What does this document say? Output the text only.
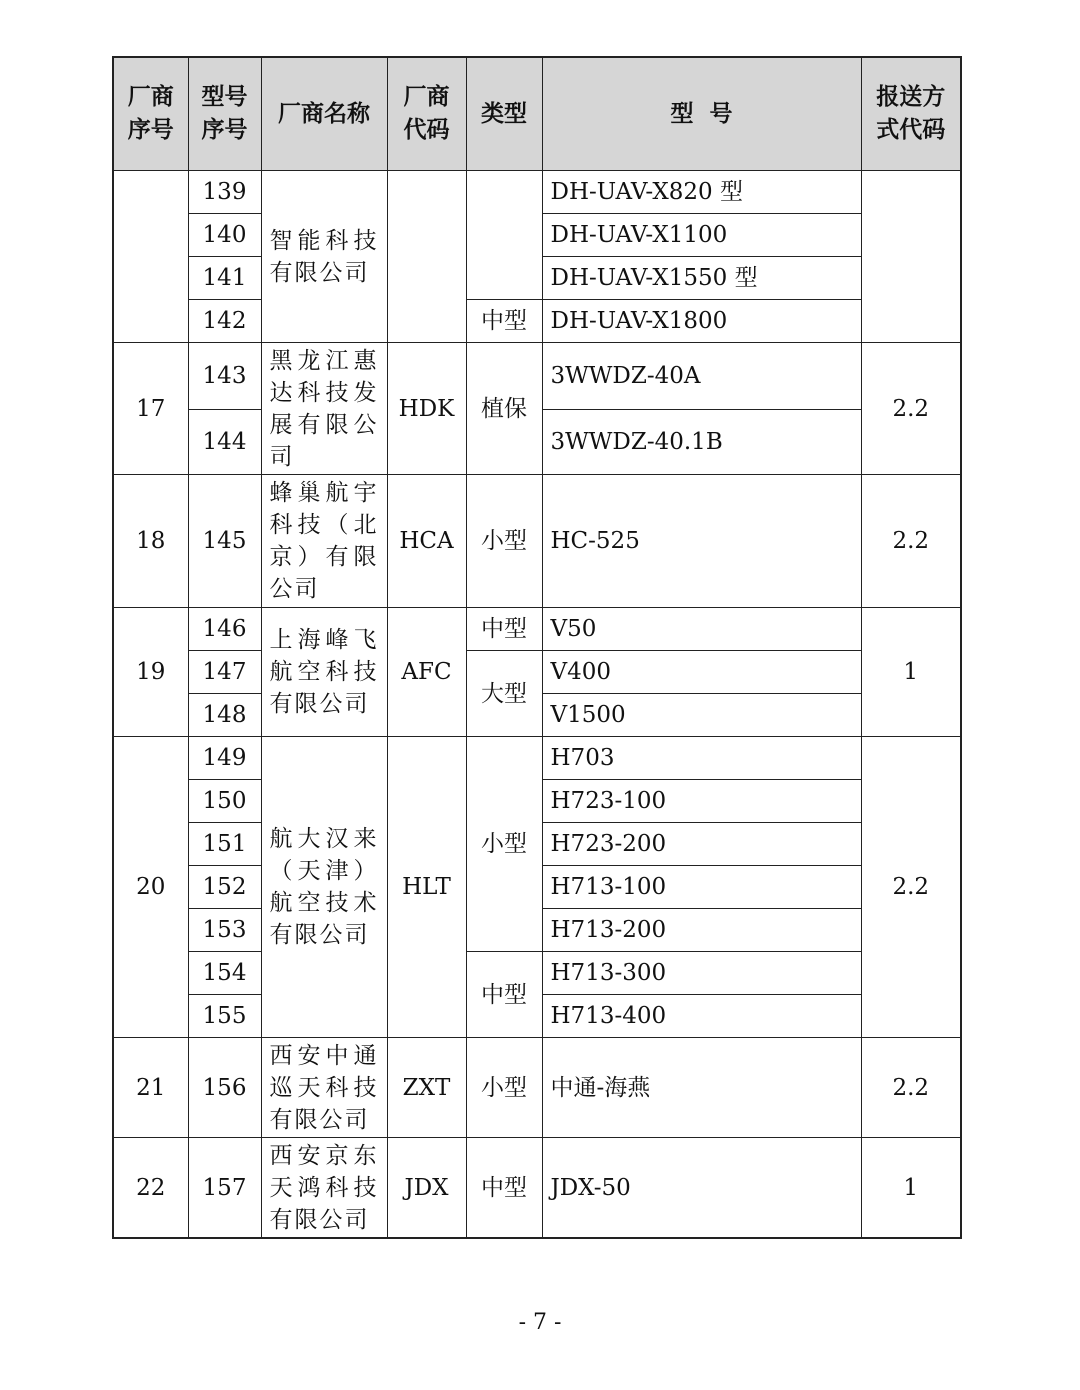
厂商序号	型号序号	厂商名称	厂商代码	类型	型  号	报送方式代码
	139	智能科技有限公司			DH-UAV-X820 型	
	140				DH-UAV-X1100	
	141				DH-UAV-X1550 型	
	142			中型	DH-UAV-X1800	
17	143	黑龙江惠达科技发展有限公司	HDK	植保	3WWDZ-40A	2.2
	144				3WWDZ-40.1B	
18	145	蜂巢航宇科技（北京）有限公司	HCA	小型	HC-525	2.2
19	146	上海峰飞航空科技有限公司	AFC	中型	V50	1
	147			大型	V400	
	148				V1500	
20	149	航大汉来（天津）航空技术有限公司	HLT	小型	H703	2.2
	150				H723-100	
	151				H723-200	
	152				H713-100	
	153				H713-200	
	154			中型	H713-300	
	155				H713-400	
21	156	西安中通巡天科技有限公司	ZXT	小型	中通-海燕	2.2
22	157	西安京东天鸿科技有限公司	JDX	中型	JDX-50	1
- 7 -
